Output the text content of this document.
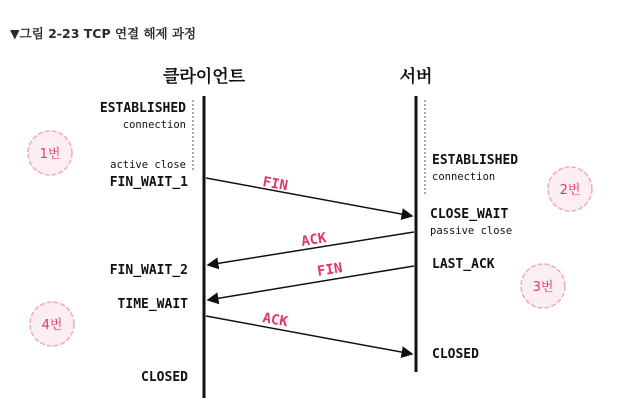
▼그림 2-23 TCP 연결 해제 과정
클라이언트	서버
ESTABLISHED
connection
active close
FIN_WAIT_1
FIN_WAIT_2
TIME_WAIT
CLOSED
ESTABLISHED
connection
CLOSE_WAIT
passive close
LAST_ACK
CLOSED
FIN
ACK
FIN
ACK
1번
2번
3번
4번
